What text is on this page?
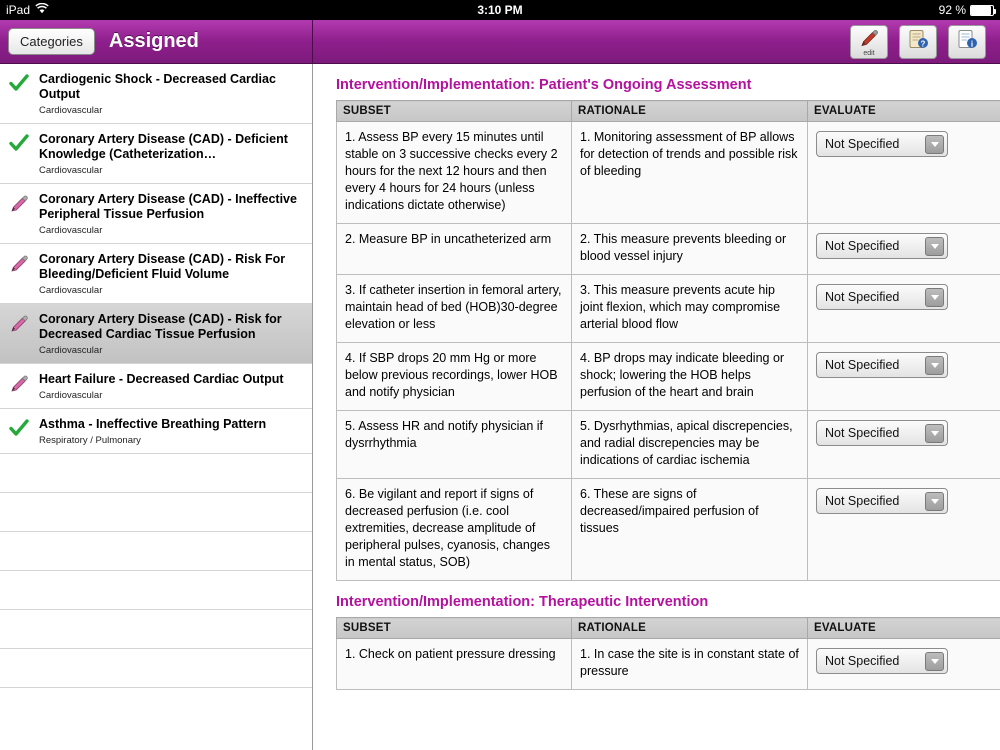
iPad	3:10 PM	92 %
Categories	Assigned
edit
?	i
Cardiogenic Shock - Decreased Cardiac Output
Cardiovascular
Coronary Artery Disease (CAD) - Deficient Knowledge (Catheterization…
Cardiovascular
Coronary Artery Disease (CAD) - Ineffective Peripheral Tissue Perfusion
Cardiovascular
Coronary Artery Disease (CAD) - Risk For Bleeding/Deficient Fluid Volume
Cardiovascular
Coronary Artery Disease (CAD) - Risk for Decreased Cardiac Tissue Perfusion
Cardiovascular
Heart Failure - Decreased Cardiac Output
Cardiovascular
Asthma - Ineffective Breathing Pattern
Respiratory / Pulmonary
Intervention/Implementation: Patient's Ongoing Assessment
SUBSET	RATIONALE	EVALUATE
1. Assess BP every 15 minutes until stable on 3 successive checks every 2 hours for the next 12 hours and then every 4 hours for 24 hours (unless indications dictate otherwise)	1. Monitoring assessment of BP allows for detection of trends and possible risk of bleeding	Not Specified

2. Measure BP in uncatheterized arm	2. This measure prevents bleeding or blood vessel injury	Not Specified

3. If catheter insertion in femoral artery, maintain head of bed (HOB)30-degree elevation or less	3. This measure prevents acute hip joint flexion, which may compromise arterial blood flow	Not Specified

4. If SBP drops 20 mm Hg or more below previous recordings, lower HOB and notify physician	4. BP drops may indicate bleeding or shock; lowering the HOB helps perfusion of the heart and brain	Not Specified

5. Assess HR and notify physician if dysrrhythmia	5. Dysrhythmias, apical discrepencies, and radial discrepencies may be indications of cardiac ischemia	Not Specified

6. Be vigilant and report if signs of decreased perfusion (i.e. cool extremities, decrease amplitude of peripheral pulses, cyanosis, changes in mental status, SOB)	6. These are signs of decreased/impaired perfusion of tissues	Not Specified
Intervention/Implementation: Therapeutic Intervention
SUBSET	RATIONALE	EVALUATE
1. Check on patient pressure dressing	1. In case the site is in constant state of pressure	Not Specified
